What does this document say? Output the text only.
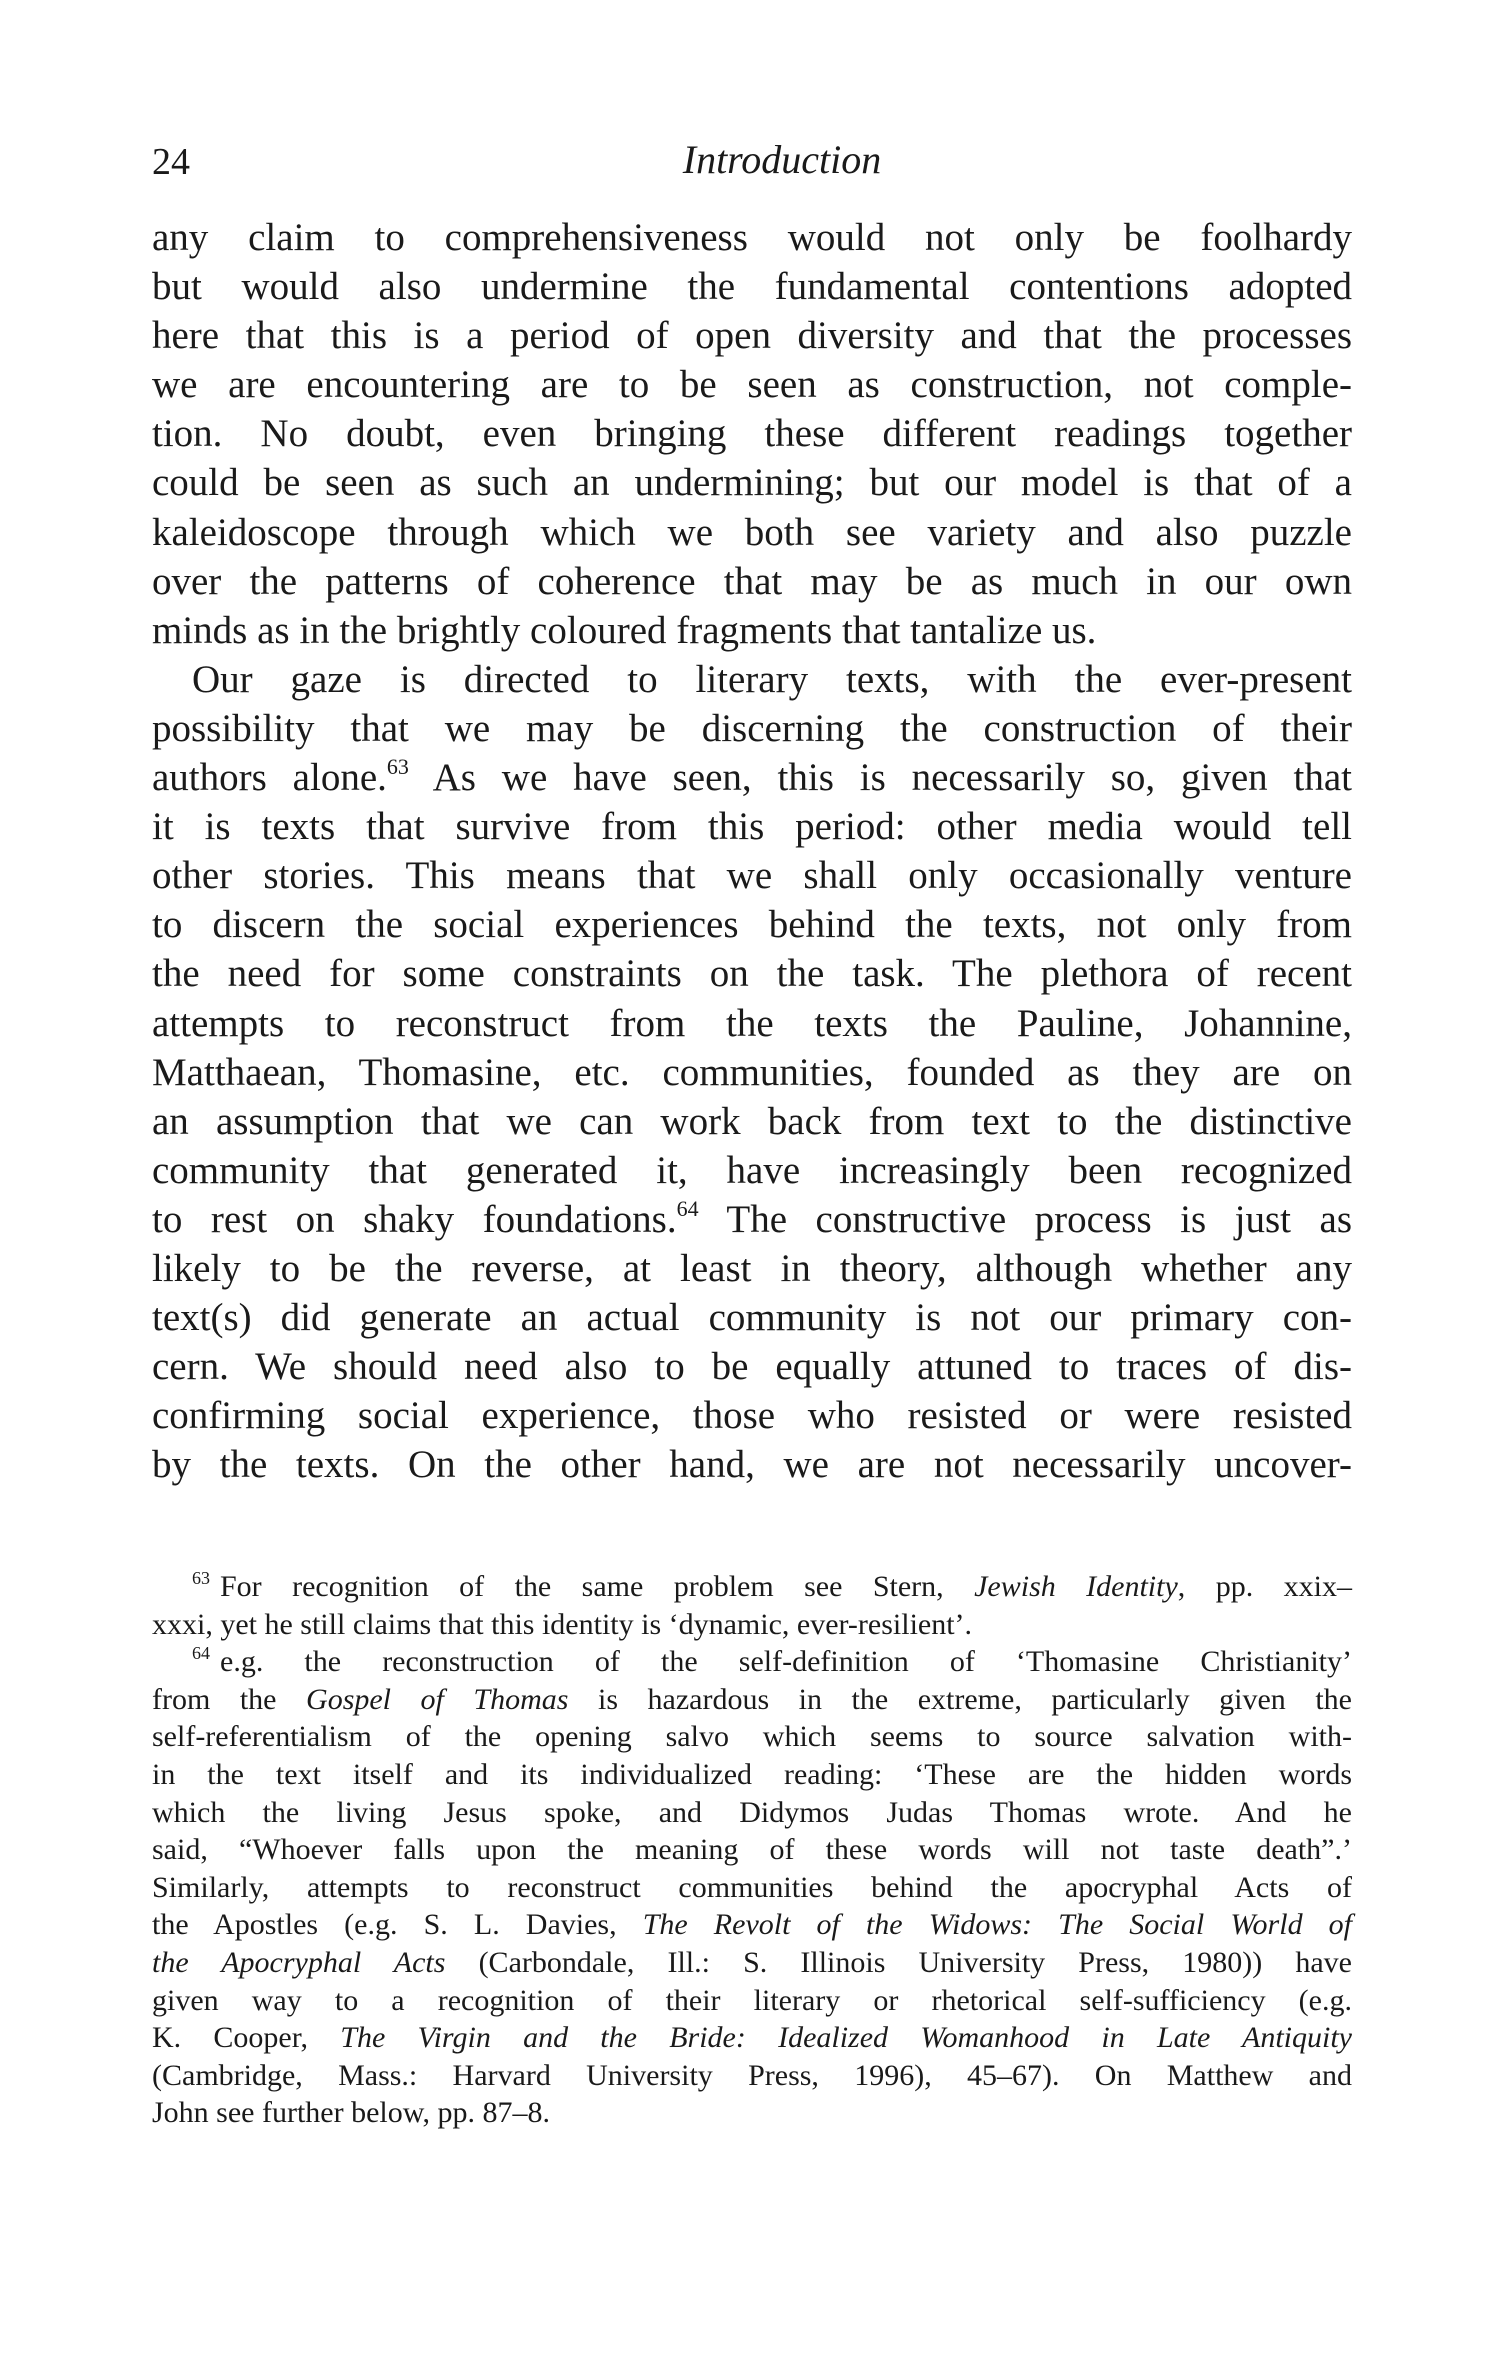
24	Introduction
any claim to comprehensiveness would not only be foolhardy
but would also undermine the fundamental contentions adopted
here that this is a period of open diversity and that the processes
we are encountering are to be seen as construction, not comple-
tion. No doubt, even bringing these different readings together
could be seen as such an undermining; but our model is that of a
kaleidoscope through which we both see variety and also puzzle
over the patterns of coherence that may be as much in our own
minds as in the brightly coloured fragments that tantalize us.
Our gaze is directed to literary texts, with the ever-present
possibility that we may be discerning the construction of their
authors alone.$^{63}$ As we have seen, this is necessarily so, given that
it is texts that survive from this period: other media would tell
other stories. This means that we shall only occasionally venture
to discern the social experiences behind the texts, not only from
the need for some constraints on the task. The plethora of recent
attempts to reconstruct from the texts the Pauline, Johannine,
Matthaean, Thomasine, etc. communities, founded as they are on
an assumption that we can work back from text to the distinctive
community that generated it, have increasingly been recognized
to rest on shaky foundations.$^{64}$ The constructive process is just as
likely to be the reverse, at least in theory, although whether any
text(s) did generate an actual community is not our primary con-
cern. We should need also to be equally attuned to traces of dis-
confirming social experience, those who resisted or were resisted
by the texts. On the other hand, we are not necessarily uncover-
$^{63}$ For recognition of the same problem see Stern, Jewish Identity, pp. xxix–
xxxi, yet he still claims that this identity is ‘dynamic, ever-resilient’.
$^{64}$ e.g. the reconstruction of the self-definition of ‘Thomasine Christianity’
from the Gospel of Thomas is hazardous in the extreme, particularly given the
self-referentialism of the opening salvo which seems to source salvation with-
in the text itself and its individualized reading: ‘These are the hidden words
which the living Jesus spoke, and Didymos Judas Thomas wrote. And he
said, “Whoever falls upon the meaning of these words will not taste death”.’
Similarly, attempts to reconstruct communities behind the apocryphal Acts of
the Apostles (e.g. S. L. Davies, The Revolt of the Widows: The Social World of
the Apocryphal Acts (Carbondale, Ill.: S. Illinois University Press, 1980)) have
given way to a recognition of their literary or rhetorical self-sufficiency (e.g.
K. Cooper, The Virgin and the Bride: Idealized Womanhood in Late Antiquity
(Cambridge, Mass.: Harvard University Press, 1996), 45–67). On Matthew and
John see further below, pp. 87–8.
